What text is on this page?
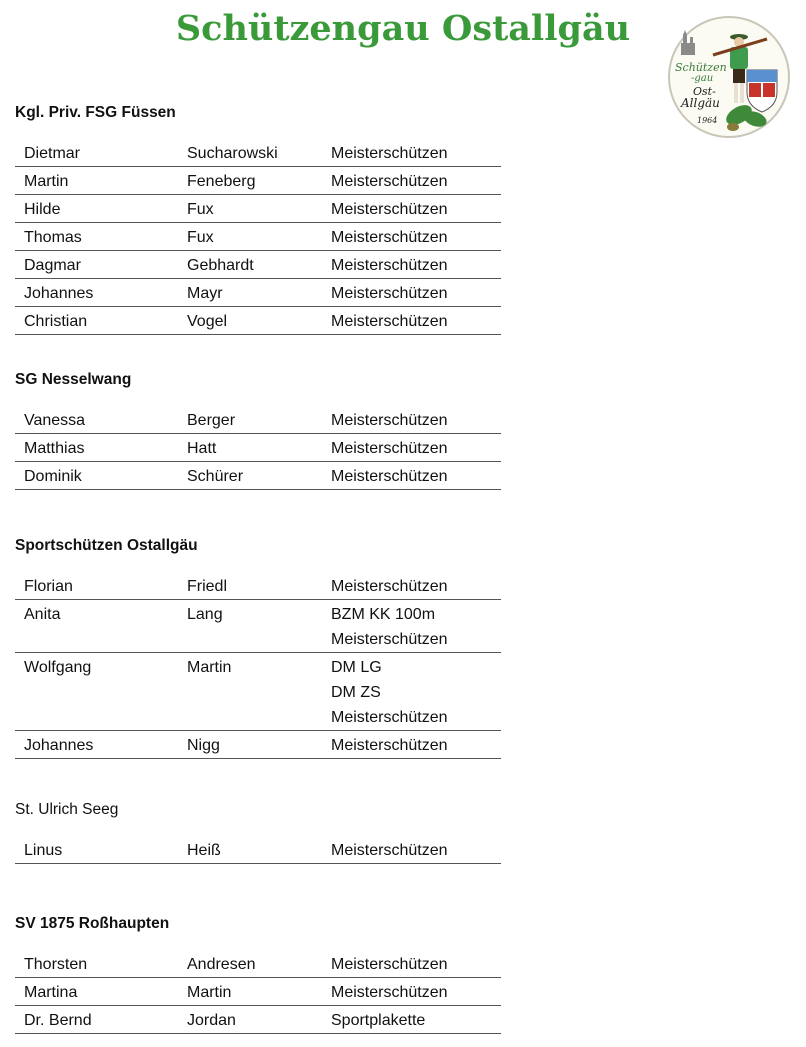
Schützengau Ostallgäu
Schützen
-gau
Ost-
Allgäu
1964
Kgl. Priv. FSG Füssen
Dietmar	Sucharowski	Meisterschützen
Martin	Feneberg	Meisterschützen
Hilde	Fux	Meisterschützen
Thomas	Fux	Meisterschützen
Dagmar	Gebhardt	Meisterschützen
Johannes	Mayr	Meisterschützen
Christian	Vogel	Meisterschützen
SG Nesselwang
Vanessa	Berger	Meisterschützen
Matthias	Hatt	Meisterschützen
Dominik	Schürer	Meisterschützen
Sportschützen Ostallgäu
Florian	Friedl	Meisterschützen
Anita	Lang	BZM KK 100m
Meisterschützen

Wolfgang	Martin	DM LG
DM ZS
Meisterschützen

Johannes	Nigg	Meisterschützen
St. Ulrich Seeg
Linus	Heiß	Meisterschützen
SV 1875 Roßhaupten
Thorsten	Andresen	Meisterschützen
Martina	Martin	Meisterschützen
Dr. Bernd	Jordan	Sportplakette
